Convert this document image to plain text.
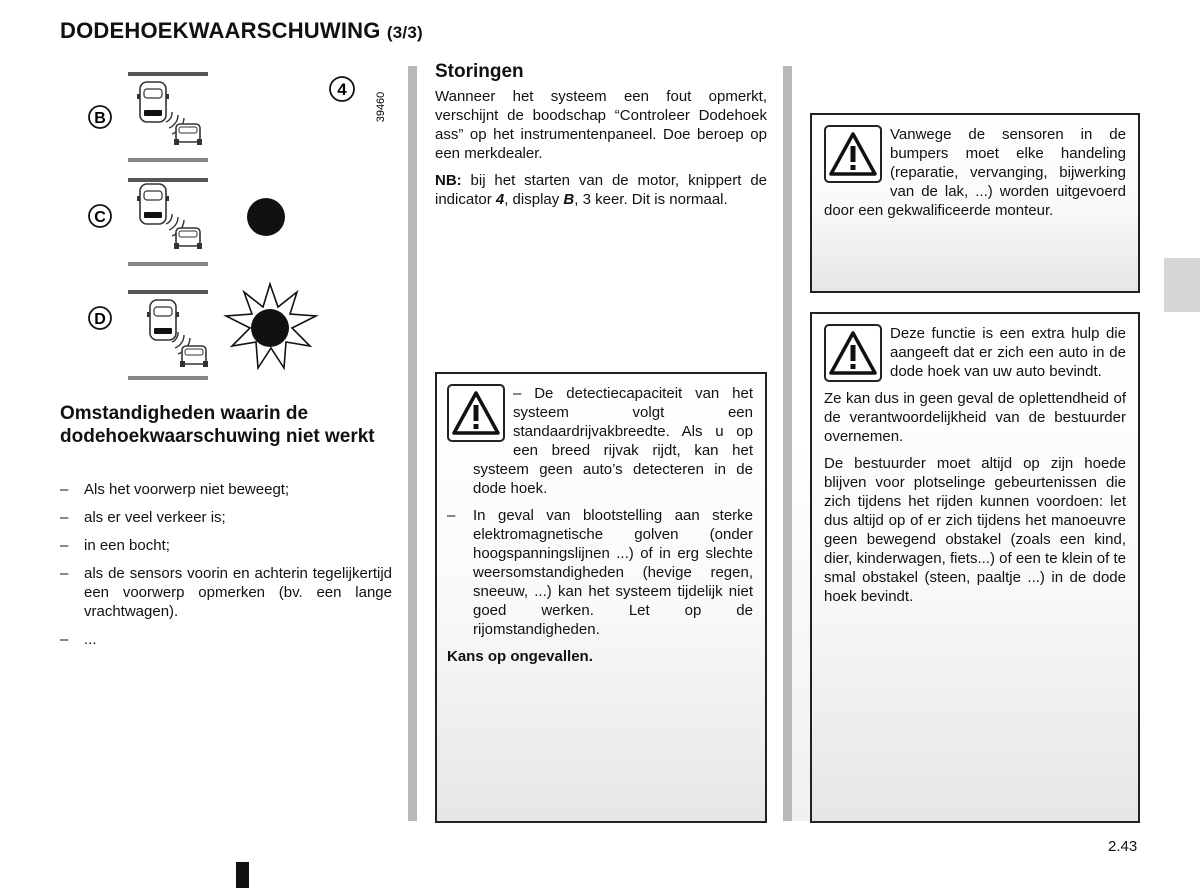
DODEHOEKWAARSCHUWING (3/3)
B
4
39460
C
D
Omstandigheden waarin de dodehoekwaarschuwing niet werkt
– Als het voorwerp niet beweegt;
– als er veel verkeer is;
– in een bocht;
– als de sensors voorin en achterin tegelijkertijd een voorwerp opmerken (bv. een lange vrachtwagen).
– ...
Storingen

Wanneer het systeem een fout opmerkt, verschijnt de boodschap “Controleer Dodehoek ass” op het instrumentenpaneel. Doe beroep op een merkdealer.

NB: bij het starten van de motor, knippert de indicator 4, display B, 3 keer. Dit is normaal.

– De detectiecapaciteit van het systeem volgt een standaardrijvakbreedte. Als u op een breed rijvak rijdt, kan het systeem geen auto’s detecteren in de dode hoek.

– In geval van blootstelling aan sterke elektromagnetische golven (onder hoogspanningslijnen ...) of in erg slechte weersomstandigheden (hevige regen, sneeuw, ...) kan het systeem tijdelijk niet goed werken. Let op de rijomstandigheden.

Kans op ongevallen.

Vanwege de sensoren in de bumpers moet elke handeling (reparatie, vervanging, bijwerking van de lak, ...) worden uitgevoerd door een gekwalificeerde monteur.

Deze functie is een extra hulp die aangeeft dat er zich een auto in de dode hoek van uw auto bevindt.

Ze kan dus in geen geval de oplettendheid of de verantwoordelijkheid van de bestuurder overnemen.

De bestuurder moet altijd op zijn hoede blijven voor plotselinge gebeurtenissen die zich tijdens het rijden kunnen voordoen: let dus altijd op of er zich tijdens het manoeuvre geen bewegend obstakel (zoals een kind, dier, kinderwagen, fiets...) of een te klein of te smal obstakel (steen, paaltje ...) in de dode hoek bevindt.

2.43
